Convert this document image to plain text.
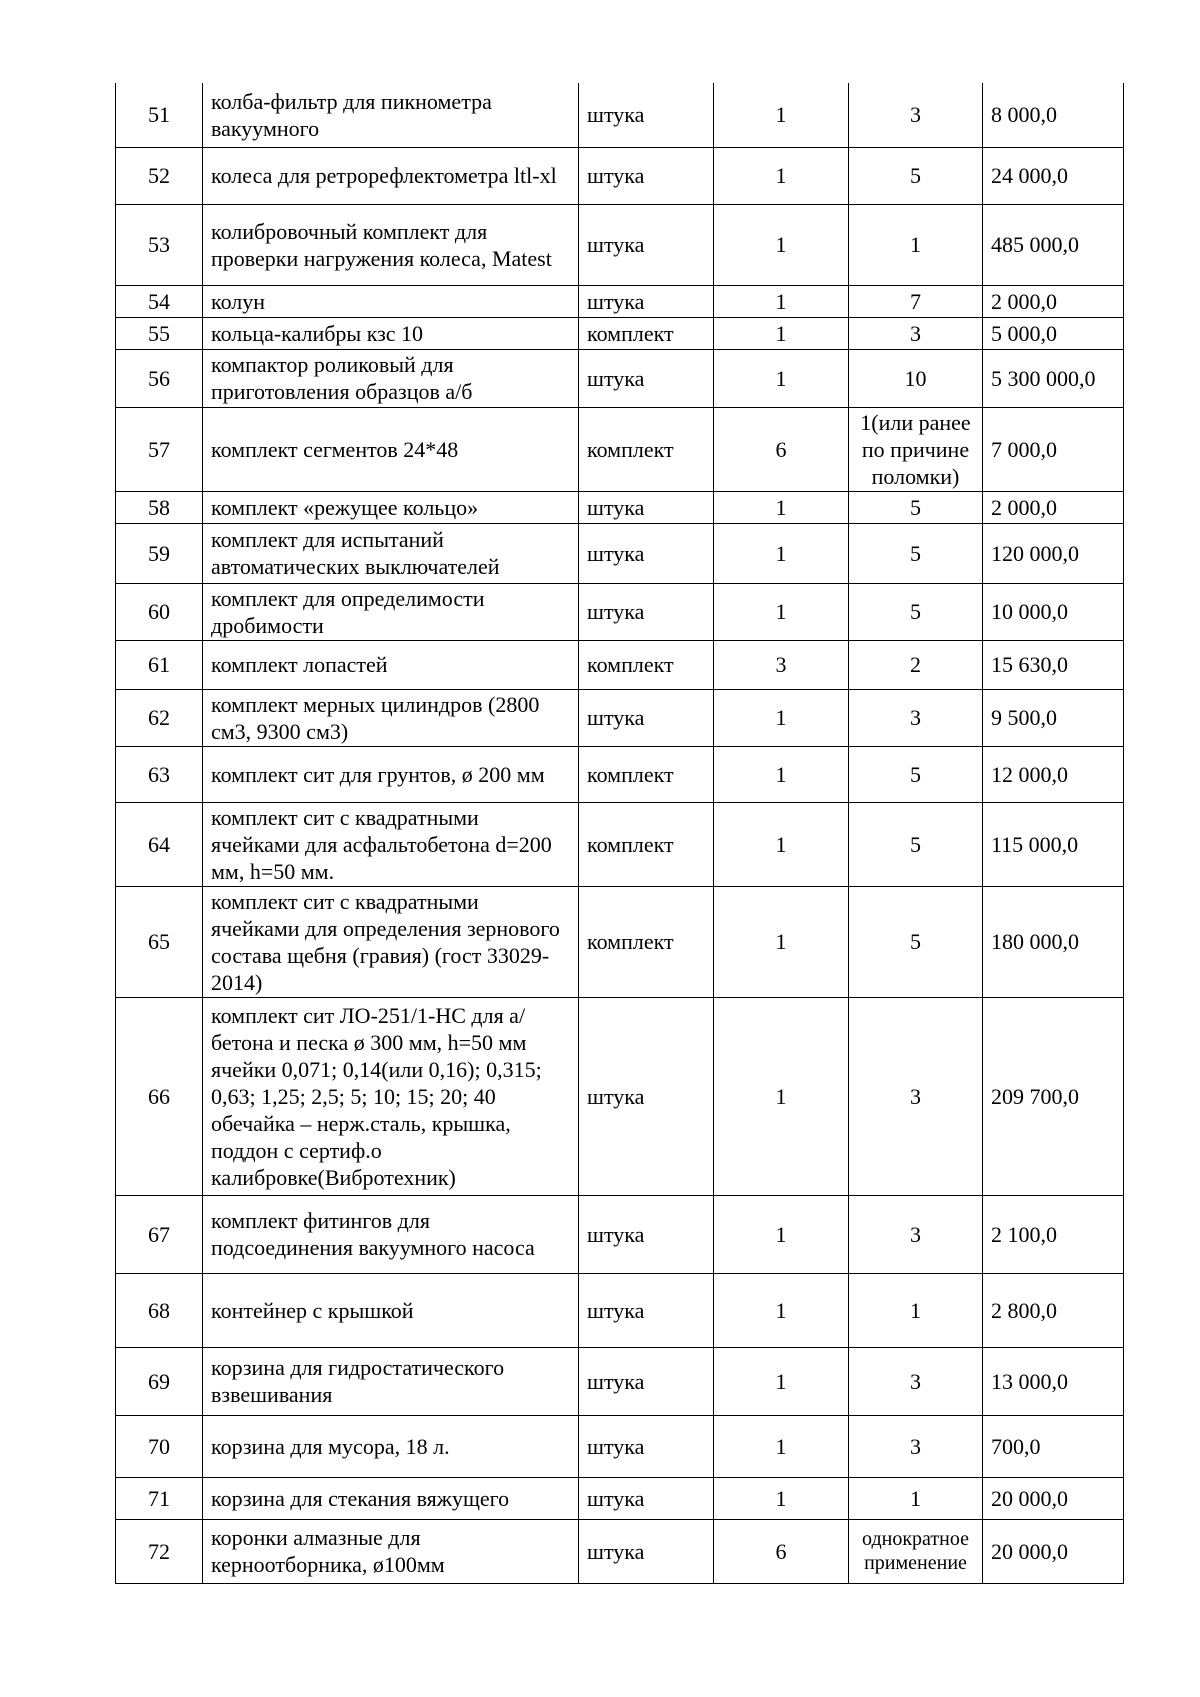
51	колба-фильтр для пикнометра вакуумного	штука	1	3	8 000,0
52	колеса для ретрорефлектометра ltl-xl	штука	1	5	24 000,0
53	колибровочный комплект для проверки нагружения колеса, Matest	штука	1	1	485 000,0
54	колун	штука	1	7	2 000,0
55	кольца-калибры кзс 10	комплект	1	3	5 000,0
56	компактор роликовый для приготовления образцов а/б	штука	1	10	5 300 000,0
57	комплект сегментов 24*48	комплект	6	1(или ранее по причине поломки)	7 000,0
58	комплект «режущее кольцо»	штука	1	5	2 000,0
59	комплект для испытаний автоматических выключателей	штука	1	5	120 000,0
60	комплект для определимости дробимости	штука	1	5	10 000,0
61	комплект лопастей	комплект	3	2	15 630,0
62	комплект мерных цилиндров (2800 см3, 9300 см3)	штука	1	3	9 500,0
63	комплект сит для грунтов, ø 200 мм	комплект	1	5	12 000,0
64	комплект сит с квадратными ячейками для асфальтобетона d=200 мм, h=50 мм.	комплект	1	5	115 000,0
65	комплект сит с квадратными ячейками для определения зернового состава щебня (гравия) (гост 33029-2014)	комплект	1	5	180 000,0
66	комплект сит ЛО-251/1-НС для а/бетона и песка ø 300 мм, h=50 мм ячейки 0,071; 0,14(или 0,16); 0,315; 0,63; 1,25; 2,5; 5; 10; 15; 20; 40 обечайка – нерж.сталь, крышка, поддон с сертиф.о калибровке(Вибротехник)	штука	1	3	209 700,0
67	комплект фитингов для подсоединения вакуумного насоса	штука	1	3	2 100,0
68	контейнер с крышкой	штука	1	1	2 800,0
69	корзина для гидростатического взвешивания	штука	1	3	13 000,0
70	корзина для мусора, 18 л.	штука	1	3	700,0
71	корзина для стекания вяжущего	штука	1	1	20 000,0
72	коронки алмазные для керноотборника, ø100мм	штука	6	однократное применение	20 000,0
